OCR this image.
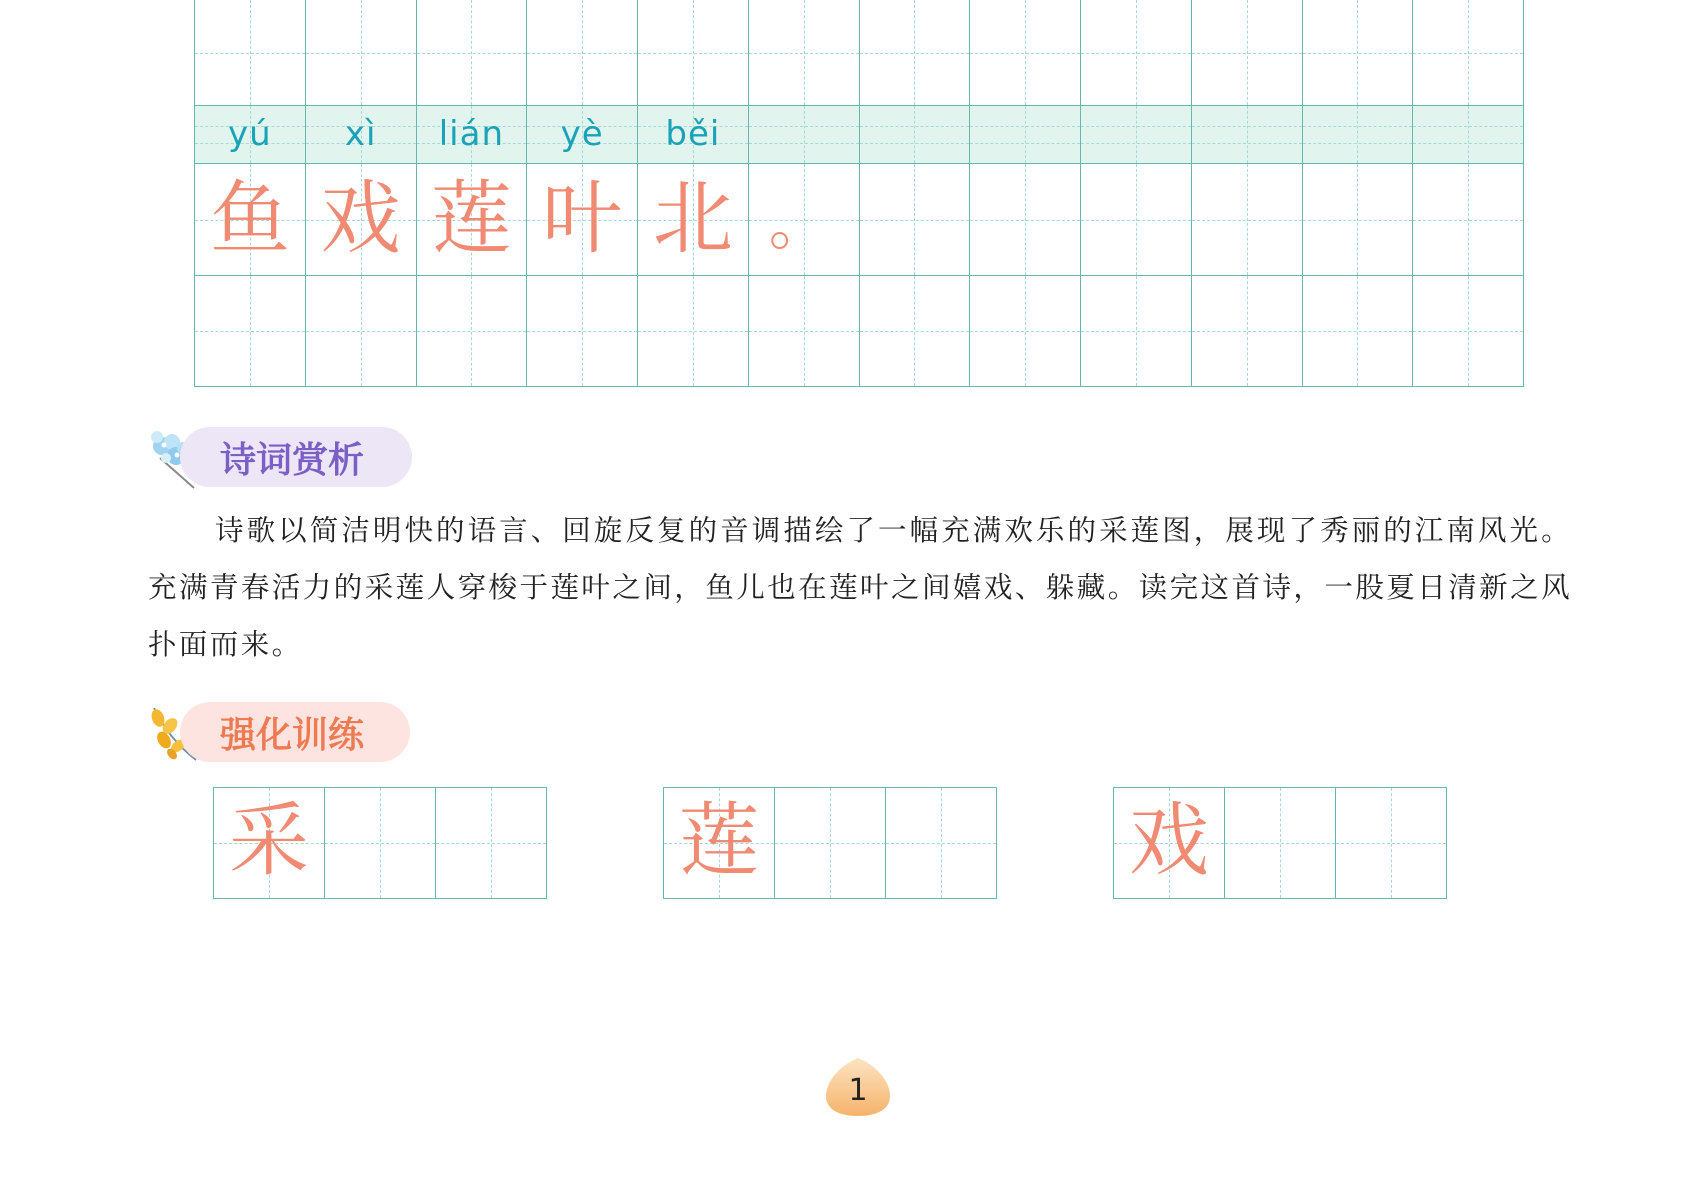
yú	xì	lián	yè	běi
鱼 戏 莲 叶 北 。
诗词赏析
诗歌以简洁明快的语言、回旋反复的音调描绘了一幅充满欢乐的采莲图，展现了秀丽的江南风光。充满青春活力的采莲人穿梭于莲叶之间，鱼儿也在莲叶之间嬉戏、躲藏。读完这首诗，一股夏日清新之风扑面而来。
强化训练
采	莲	戏
1
